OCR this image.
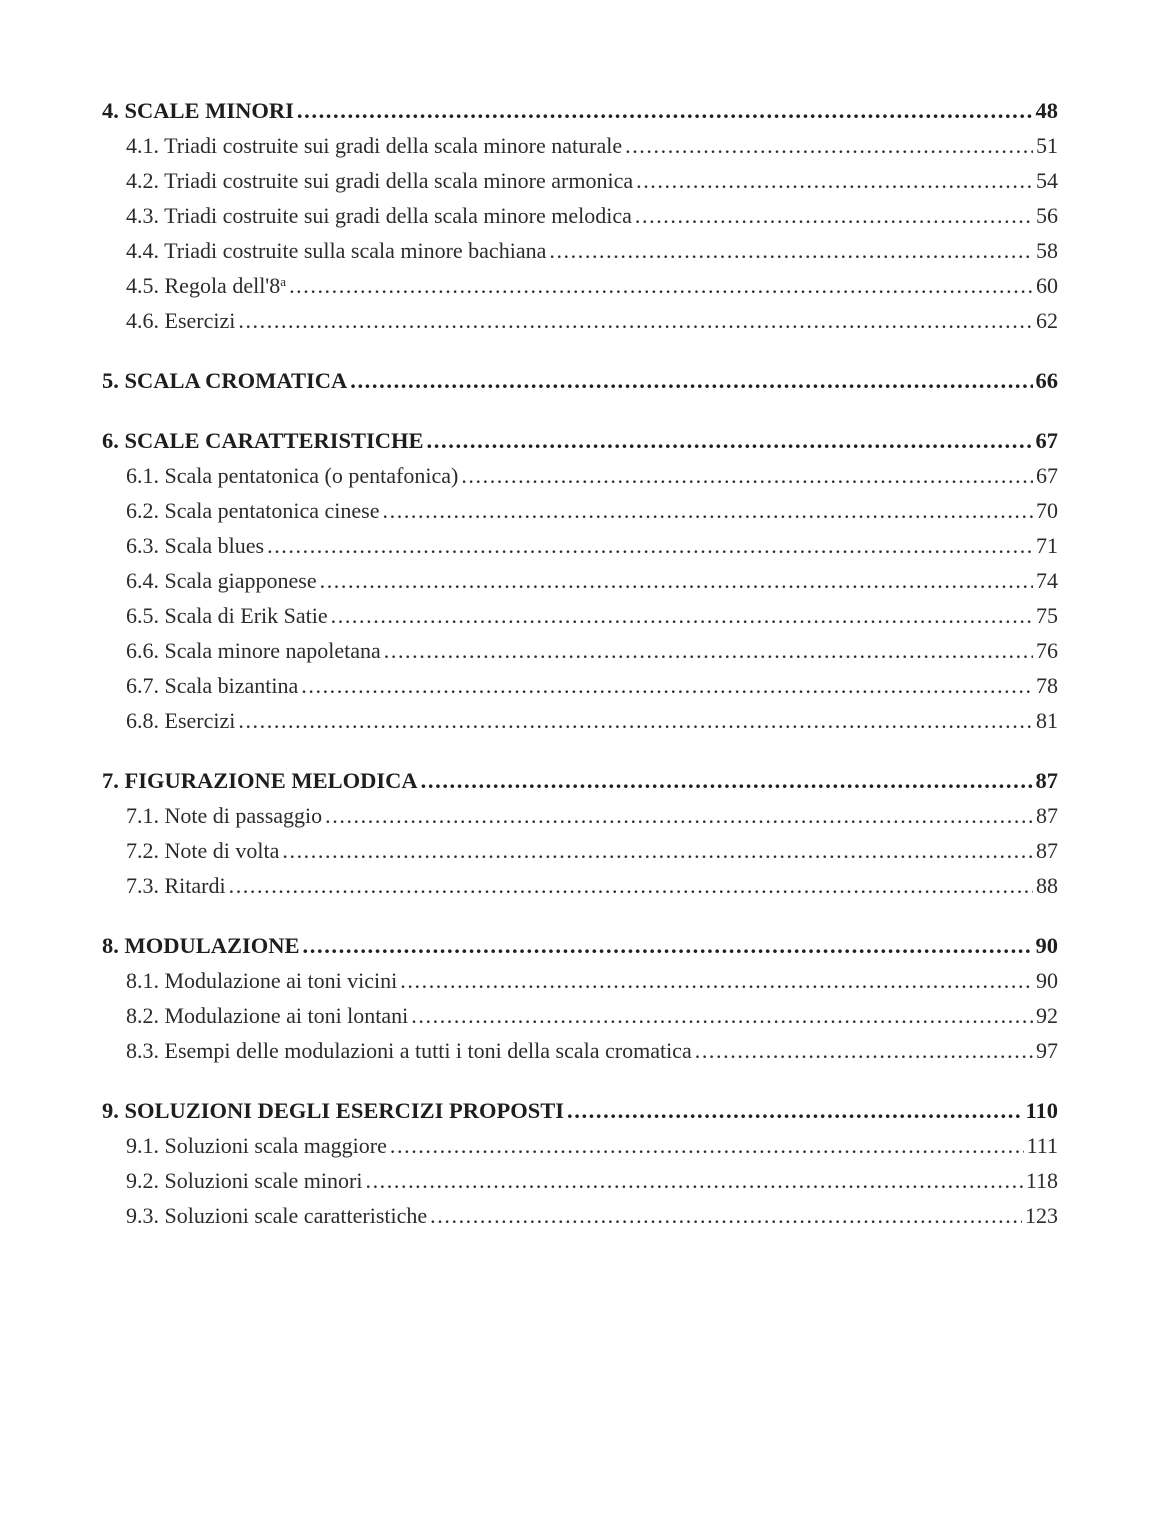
4. SCALE MINORI .....	48
4.1. Triadi costruite sui gradi della scala minore naturale .....	51
4.2. Triadi costruite sui gradi della scala minore armonica .....	54
4.3. Triadi costruite sui gradi della scala minore melodica .....	56
4.4. Triadi costruite sulla scala minore bachiana .....	58
4.5. Regola dell'8$^a$ .....	60
4.6. Esercizi .....	62
5. SCALA CROMATICA .....	66
6. SCALE CARATTERISTICHE .....	67
6.1. Scala pentatonica (o pentafonica) .....	67
6.2. Scala pentatonica cinese .....	70
6.3. Scala blues .....	71
6.4. Scala giapponese .....	74
6.5. Scala di Erik Satie .....	75
6.6. Scala minore napoletana .....	76
6.7. Scala bizantina .....	78
6.8. Esercizi .....	81
7. FIGURAZIONE MELODICA .....	87
7.1. Note di passaggio .....	87
7.2. Note di volta .....	87
7.3. Ritardi .....	88
8. MODULAZIONE .....	90
8.1. Modulazione ai toni vicini .....	90
8.2. Modulazione ai toni lontani .....	92
8.3. Esempi delle modulazioni a tutti i toni della scala cromatica .....	97
9. SOLUZIONI DEGLI ESERCIZI PROPOSTI .....	110
9.1. Soluzioni scala maggiore .....	111
9.2. Soluzioni scale minori .....	118
9.3. Soluzioni scale caratteristiche .....	123
